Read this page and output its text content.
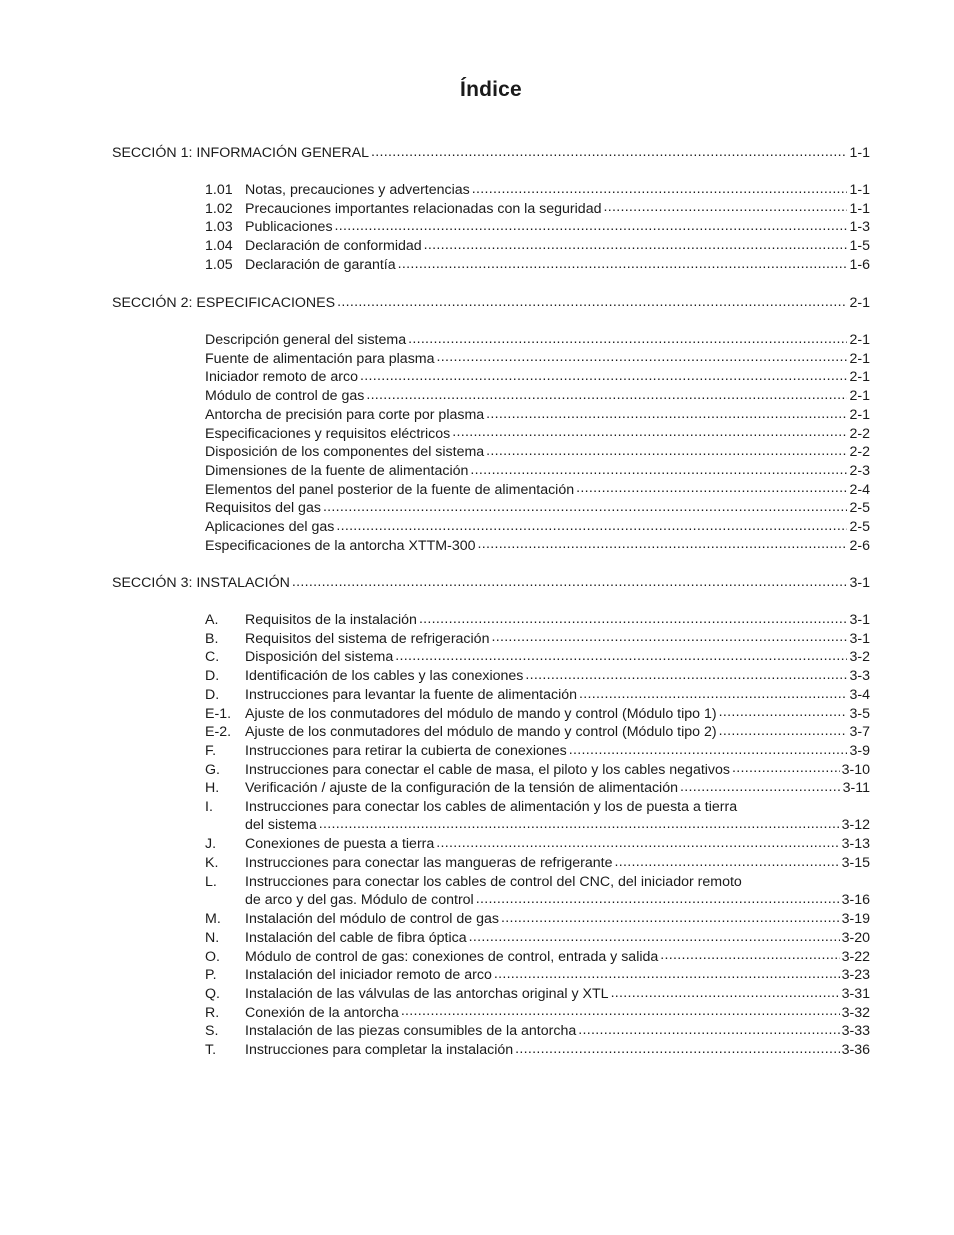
Índice
SECCIÓN 1: INFORMACIÓN GENERAL .....	1-1
1.01 Notas, precauciones y advertencias .....	1-1
1.02 Precauciones importantes relacionadas con la seguridad .....	1-1
1.03 Publicaciones .....	1-3
1.04 Declaración de conformidad .....	1-5
1.05 Declaración de garantía .....	1-6
SECCIÓN 2: ESPECIFICACIONES .....	2-1
Descripción general del sistema .....	2-1
Fuente de alimentación para plasma .....	2-1
Iniciador remoto de arco .....	2-1
Módulo de control de gas .....	2-1
Antorcha de precisión para corte por plasma .....	2-1
Especificaciones y requisitos eléctricos .....	2-2
Disposición de los componentes del sistema .....	2-2
Dimensiones de la fuente de alimentación .....	2-3
Elementos del panel posterior de la fuente de alimentación .....	2-4
Requisitos del gas .....	2-5
Aplicaciones del gas .....	2-5
Especificaciones de la antorcha XTTM-300 .....	2-6
SECCIÓN 3: INSTALACIÓN .....	3-1
A.	Requisitos de la instalación .....	3-1
B.	Requisitos del sistema de refrigeración .....	3-1
C.	Disposición del sistema .....	3-2
D.	Identificación de los cables y las conexiones .....	3-3
D.	Instrucciones para levantar la fuente de alimentación .....	3-4
E-1. Ajuste de los conmutadores del módulo de mando y control (Módulo tipo 1) .....	3-5
E-2. Ajuste de los conmutadores del módulo de mando y control (Módulo tipo 2) .....	3-7
F.	Instrucciones para retirar la cubierta de conexiones .....	3-9
G.	Instrucciones para conectar el cable de masa, el piloto y los cables negativos .....	3-10
H.	Verificación / ajuste de la configuración de la tensión de alimentación .....	3-11
I.	Instrucciones para conectar los cables de alimentación y los de puesta a tierra
del sistema .....	3-12
J.	Conexiones de puesta a tierra .....	3-13
K.	Instrucciones para conectar las mangueras de refrigerante .....	3-15
L.	Instrucciones para conectar los cables de control del CNC, del iniciador remoto
de arco y del gas. Módulo de control .....	3-16
M.	Instalación del módulo de control de gas .....	3-19
N.	Instalación del cable de fibra óptica .....	3-20
O.	Módulo de control de gas: conexiones de control, entrada y salida .....	3-22
P.	Instalación del iniciador remoto de arco .....	3-23
Q.	Instalación de las válvulas de las antorchas original y XTL .....	3-31
R.	Conexión de la antorcha .....	3-32
S.	Instalación de las piezas consumibles de la antorcha .....	3-33
T.	Instrucciones para completar la instalación .....	3-36
